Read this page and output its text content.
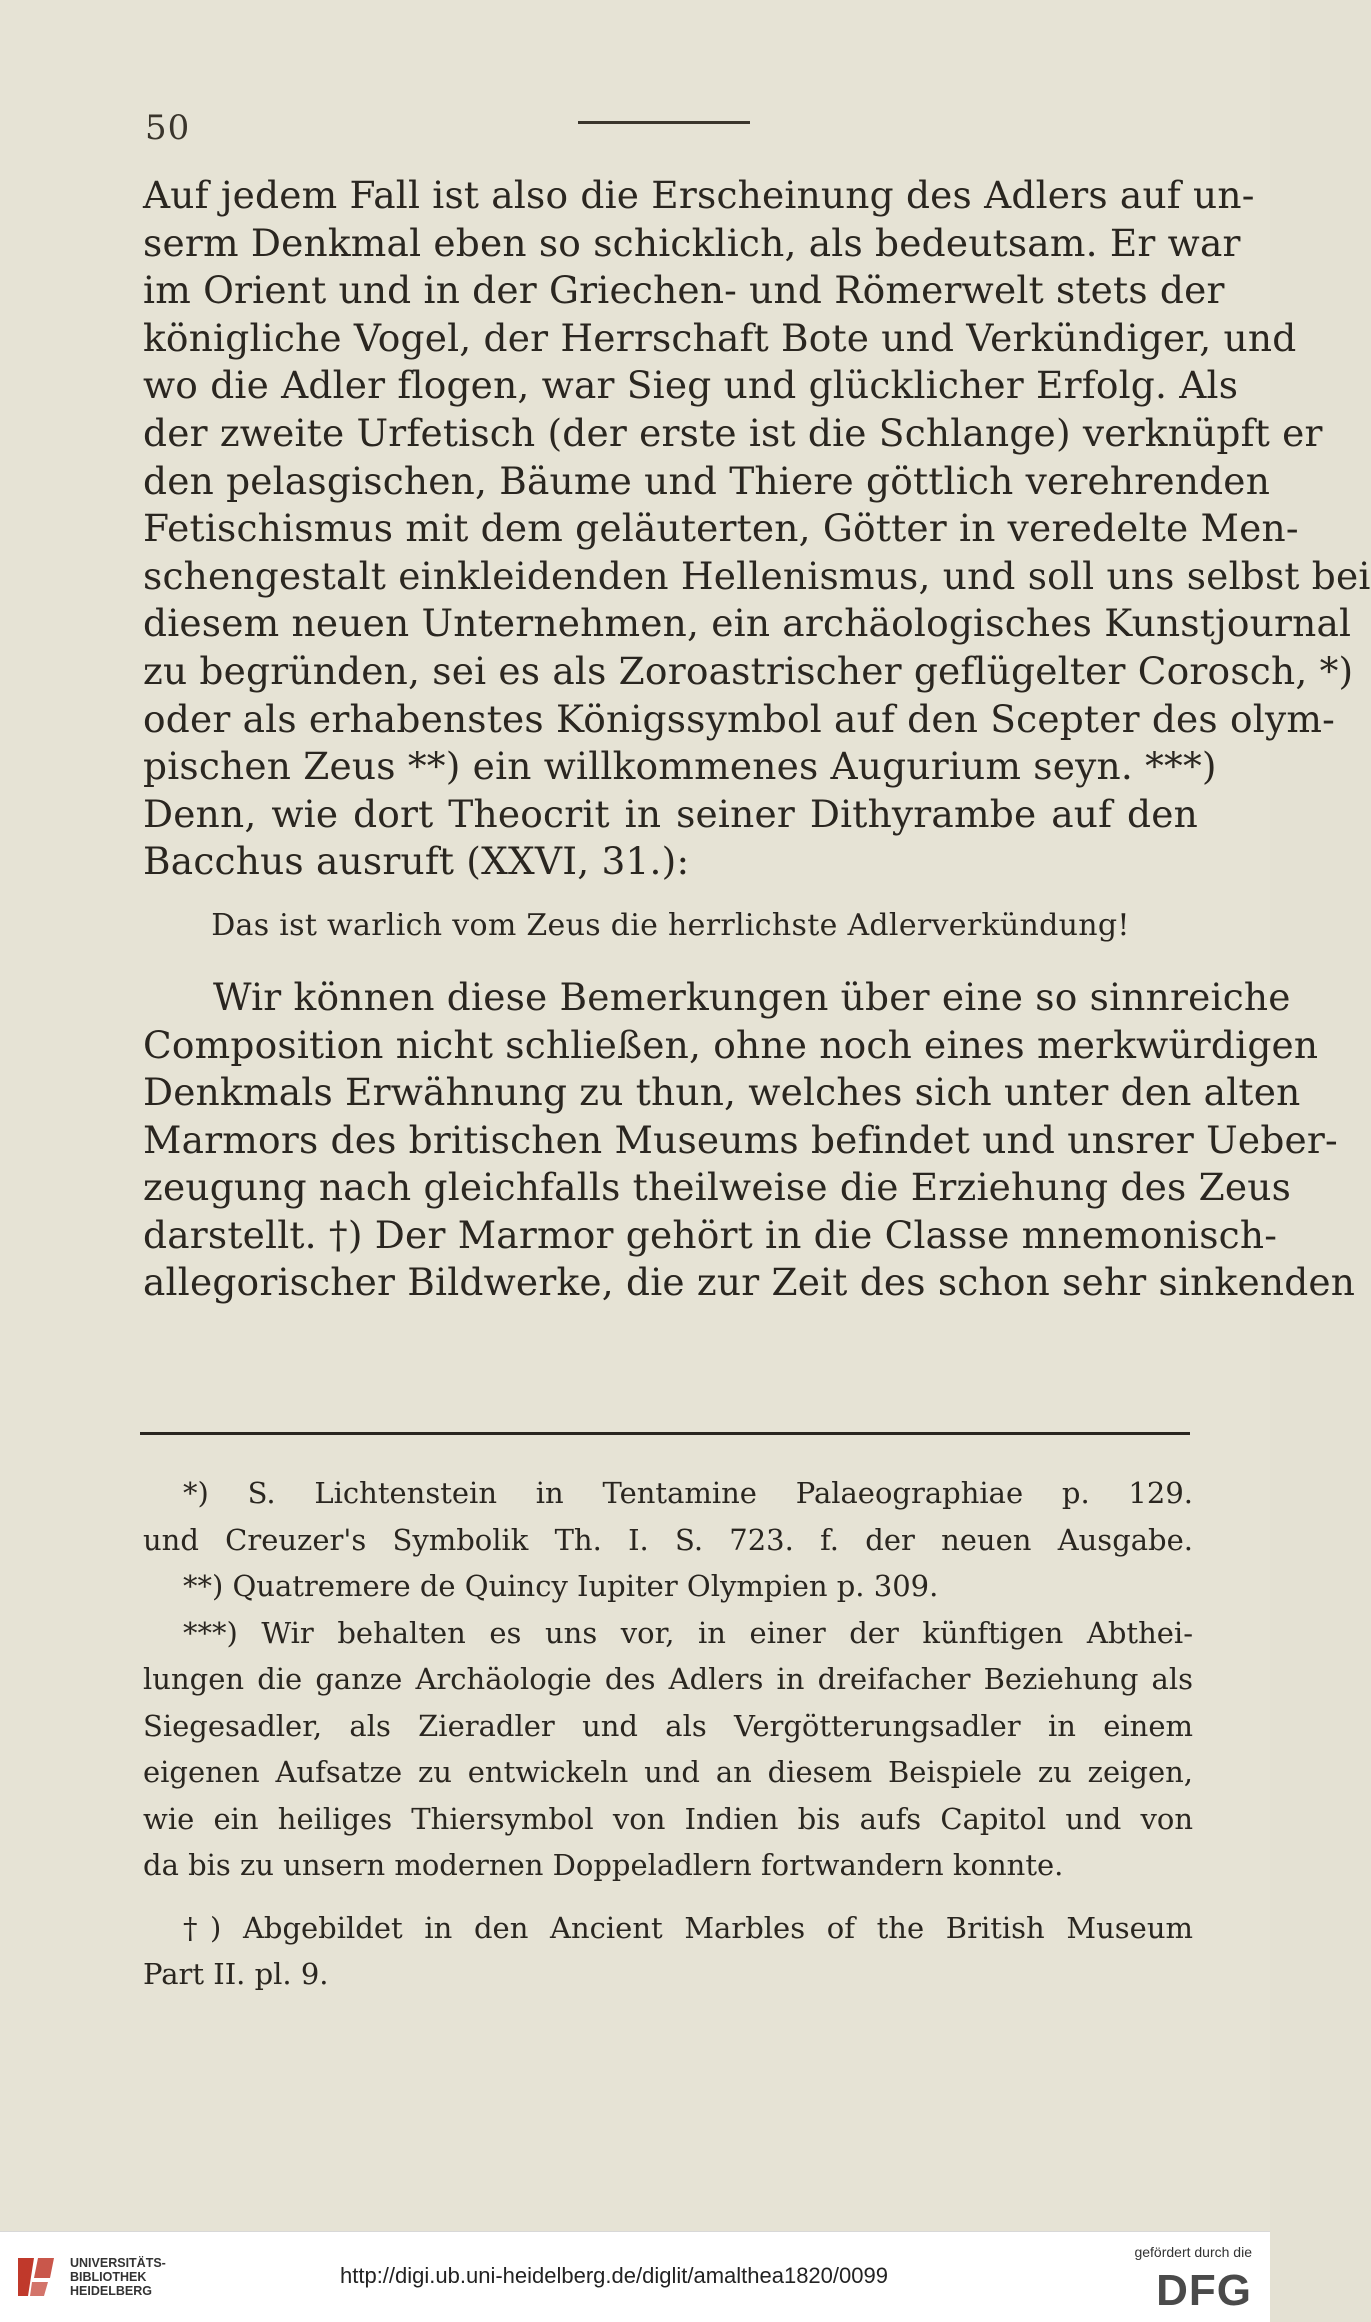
50
Auf jedem Fall ist also die Erscheinung des Adlers auf un-
serm Denkmal eben so schicklich, als bedeutsam. Er war
im Orient und in der Griechen- und Römerwelt stets der
königliche Vogel, der Herrschaft Bote und Verkündiger, und
wo die Adler flogen, war Sieg und glücklicher Erfolg. Als
der zweite Urfetisch (der erste ist die Schlange) verknüpft er
den pelasgischen, Bäume und Thiere göttlich verehrenden
Fetischismus mit dem geläuterten, Götter in veredelte Men-
schengestalt einkleidenden Hellenismus, und soll uns selbst bei
diesem neuen Unternehmen, ein archäologisches Kunstjournal
zu begründen, sei es als Zoroastrischer geflügelter Corosch, *)
oder als erhabenstes Königssymbol auf den Scepter des olym-
pischen Zeus **) ein willkommenes Augurium seyn. ***)
Denn, wie dort Theocrit in seiner Dithyrambe auf den
Bacchus ausruft (XXVI, 31.):
Das ist warlich vom Zeus die herrlichste Adlerverkündung!
Wir können diese Bemerkungen über eine so sinnreiche
Composition nicht schließen, ohne noch eines merkwürdigen
Denkmals Erwähnung zu thun, welches sich unter den alten
Marmors des britischen Museums befindet und unsrer Ueber-
zeugung nach gleichfalls theilweise die Erziehung des Zeus
darstellt. †) Der Marmor gehört in die Classe mnemonisch-
allegorischer Bildwerke, die zur Zeit des schon sehr sinkenden
*) S. Lichtenstein in Tentamine Palaeographiae p. 129.
und Creuzer's Symbolik Th. I. S. 723. f. der neuen Ausgabe.
**) Quatremere de Quincy Iupiter Olympien p. 309.
***) Wir behalten es uns vor, in einer der künftigen Abthei-
lungen die ganze Archäologie des Adlers in dreifacher Beziehung als
Siegesadler, als Zieradler und als Vergötterungsadler in einem
eigenen Aufsatze zu entwickeln und an diesem Beispiele zu zeigen,
wie ein heiliges Thiersymbol von Indien bis aufs Capitol und von
da bis zu unsern modernen Doppeladlern fortwandern konnte.
†) Abgebildet in den Ancient Marbles of the British Museum
Part II. pl. 9.
UNIVERSITÄTS-
BIBLIOTHEK
HEIDELBERG
http://digi.ub.uni-heidelberg.de/diglit/amalthea1820/0099
gefördert durch die
DFG
